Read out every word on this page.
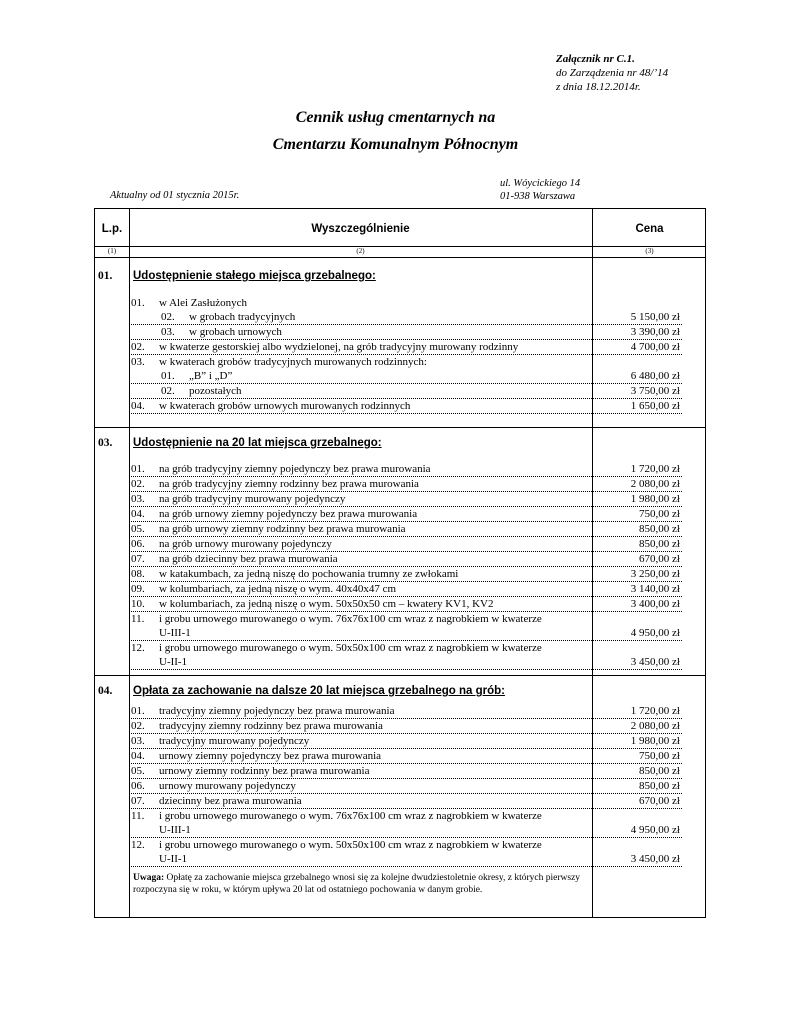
Załącznik nr C.1.
do Zarządzenia nr 48/’14
z dnia 18.12.2014r.
Cennik usług cmentarnych na
Cmentarzu Komunalnym Północnym
ul. Wóycickiego 14
01-938 Warszawa
Aktualny od 01 stycznia 2015r.
L.p.	Wyszczególnienie	Cena
(1)	(2)	(3)
01. Udostępnienie stałego miejsca grzebalnego:
01. w Alei Zasłużonych
02. w grobach tradycyjnych	5 150,00 zł
03. w grobach urnowych	3 390,00 zł
02. w kwaterze gestorskiej albo wydzielonej, na grób tradycyjny murowany rodzinny	4 700,00 zł
03. w kwaterach grobów tradycyjnych murowanych rodzinnych:
01. „B” i „D”	6 480,00 zł
02. pozostałych	3 750,00 zł
04. w kwaterach grobów urnowych murowanych rodzinnych	1 650,00 zł
03. Udostępnienie na 20 lat miejsca grzebalnego:
01. na grób tradycyjny ziemny pojedynczy bez prawa murowania	1 720,00 zł
02. na grób tradycyjny ziemny rodzinny bez prawa murowania	2 080,00 zł
03. na grób tradycyjny murowany pojedynczy	1 980,00 zł
04. na grób urnowy ziemny pojedynczy bez prawa murowania	750,00 zł
05. na grób urnowy ziemny rodzinny bez prawa murowania	850,00 zł
06. na grób urnowy murowany pojedynczy	850,00 zł
07. na grób dziecinny bez prawa murowania	670,00 zł
08. w katakumbach, za jedną niszę do pochowania trumny ze zwłokami	3 250,00 zł
09. w kolumbariach, za jedną niszę o wym. 40x40x47 cm	3 140,00 zł
10. w kolumbariach, za jedną niszę o wym. 50x50x50 cm – kwatery KV1, KV2	3 400,00 zł
11. i grobu urnowego murowanego o wym. 76x76x100 cm wraz z nagrobkiem w kwaterze
U-III-1	4 950,00 zł
12. i grobu urnowego murowanego o wym. 50x50x100 cm wraz z nagrobkiem w kwaterze
U-II-1	3 450,00 zł
04. Opłata za zachowanie na dalsze 20 lat miejsca grzebalnego na grób:
01. tradycyjny ziemny pojedynczy bez prawa murowania	1 720,00 zł
02. tradycyjny ziemny rodzinny bez prawa murowania	2 080,00 zł
03. tradycyjny murowany pojedynczy	1 980,00 zł
04. urnowy ziemny pojedynczy bez prawa murowania	750,00 zł
05. urnowy ziemny rodzinny bez prawa murowania	850,00 zł
06. urnowy murowany pojedynczy	850,00 zł
07. dziecinny bez prawa murowania	670,00 zł
11. i grobu urnowego murowanego o wym. 76x76x100 cm wraz z nagrobkiem w kwaterze
U-III-1	4 950,00 zł
12. i grobu urnowego murowanego o wym. 50x50x100 cm wraz z nagrobkiem w kwaterze
U-II-1	3 450,00 zł
Uwaga: Opłatę za zachowanie miejsca grzebalnego wnosi się za kolejne dwudziestoletnie okresy, z których pierwszy rozpoczyna się w roku, w którym upływa 20 lat od ostatniego pochowania w danym grobie.
